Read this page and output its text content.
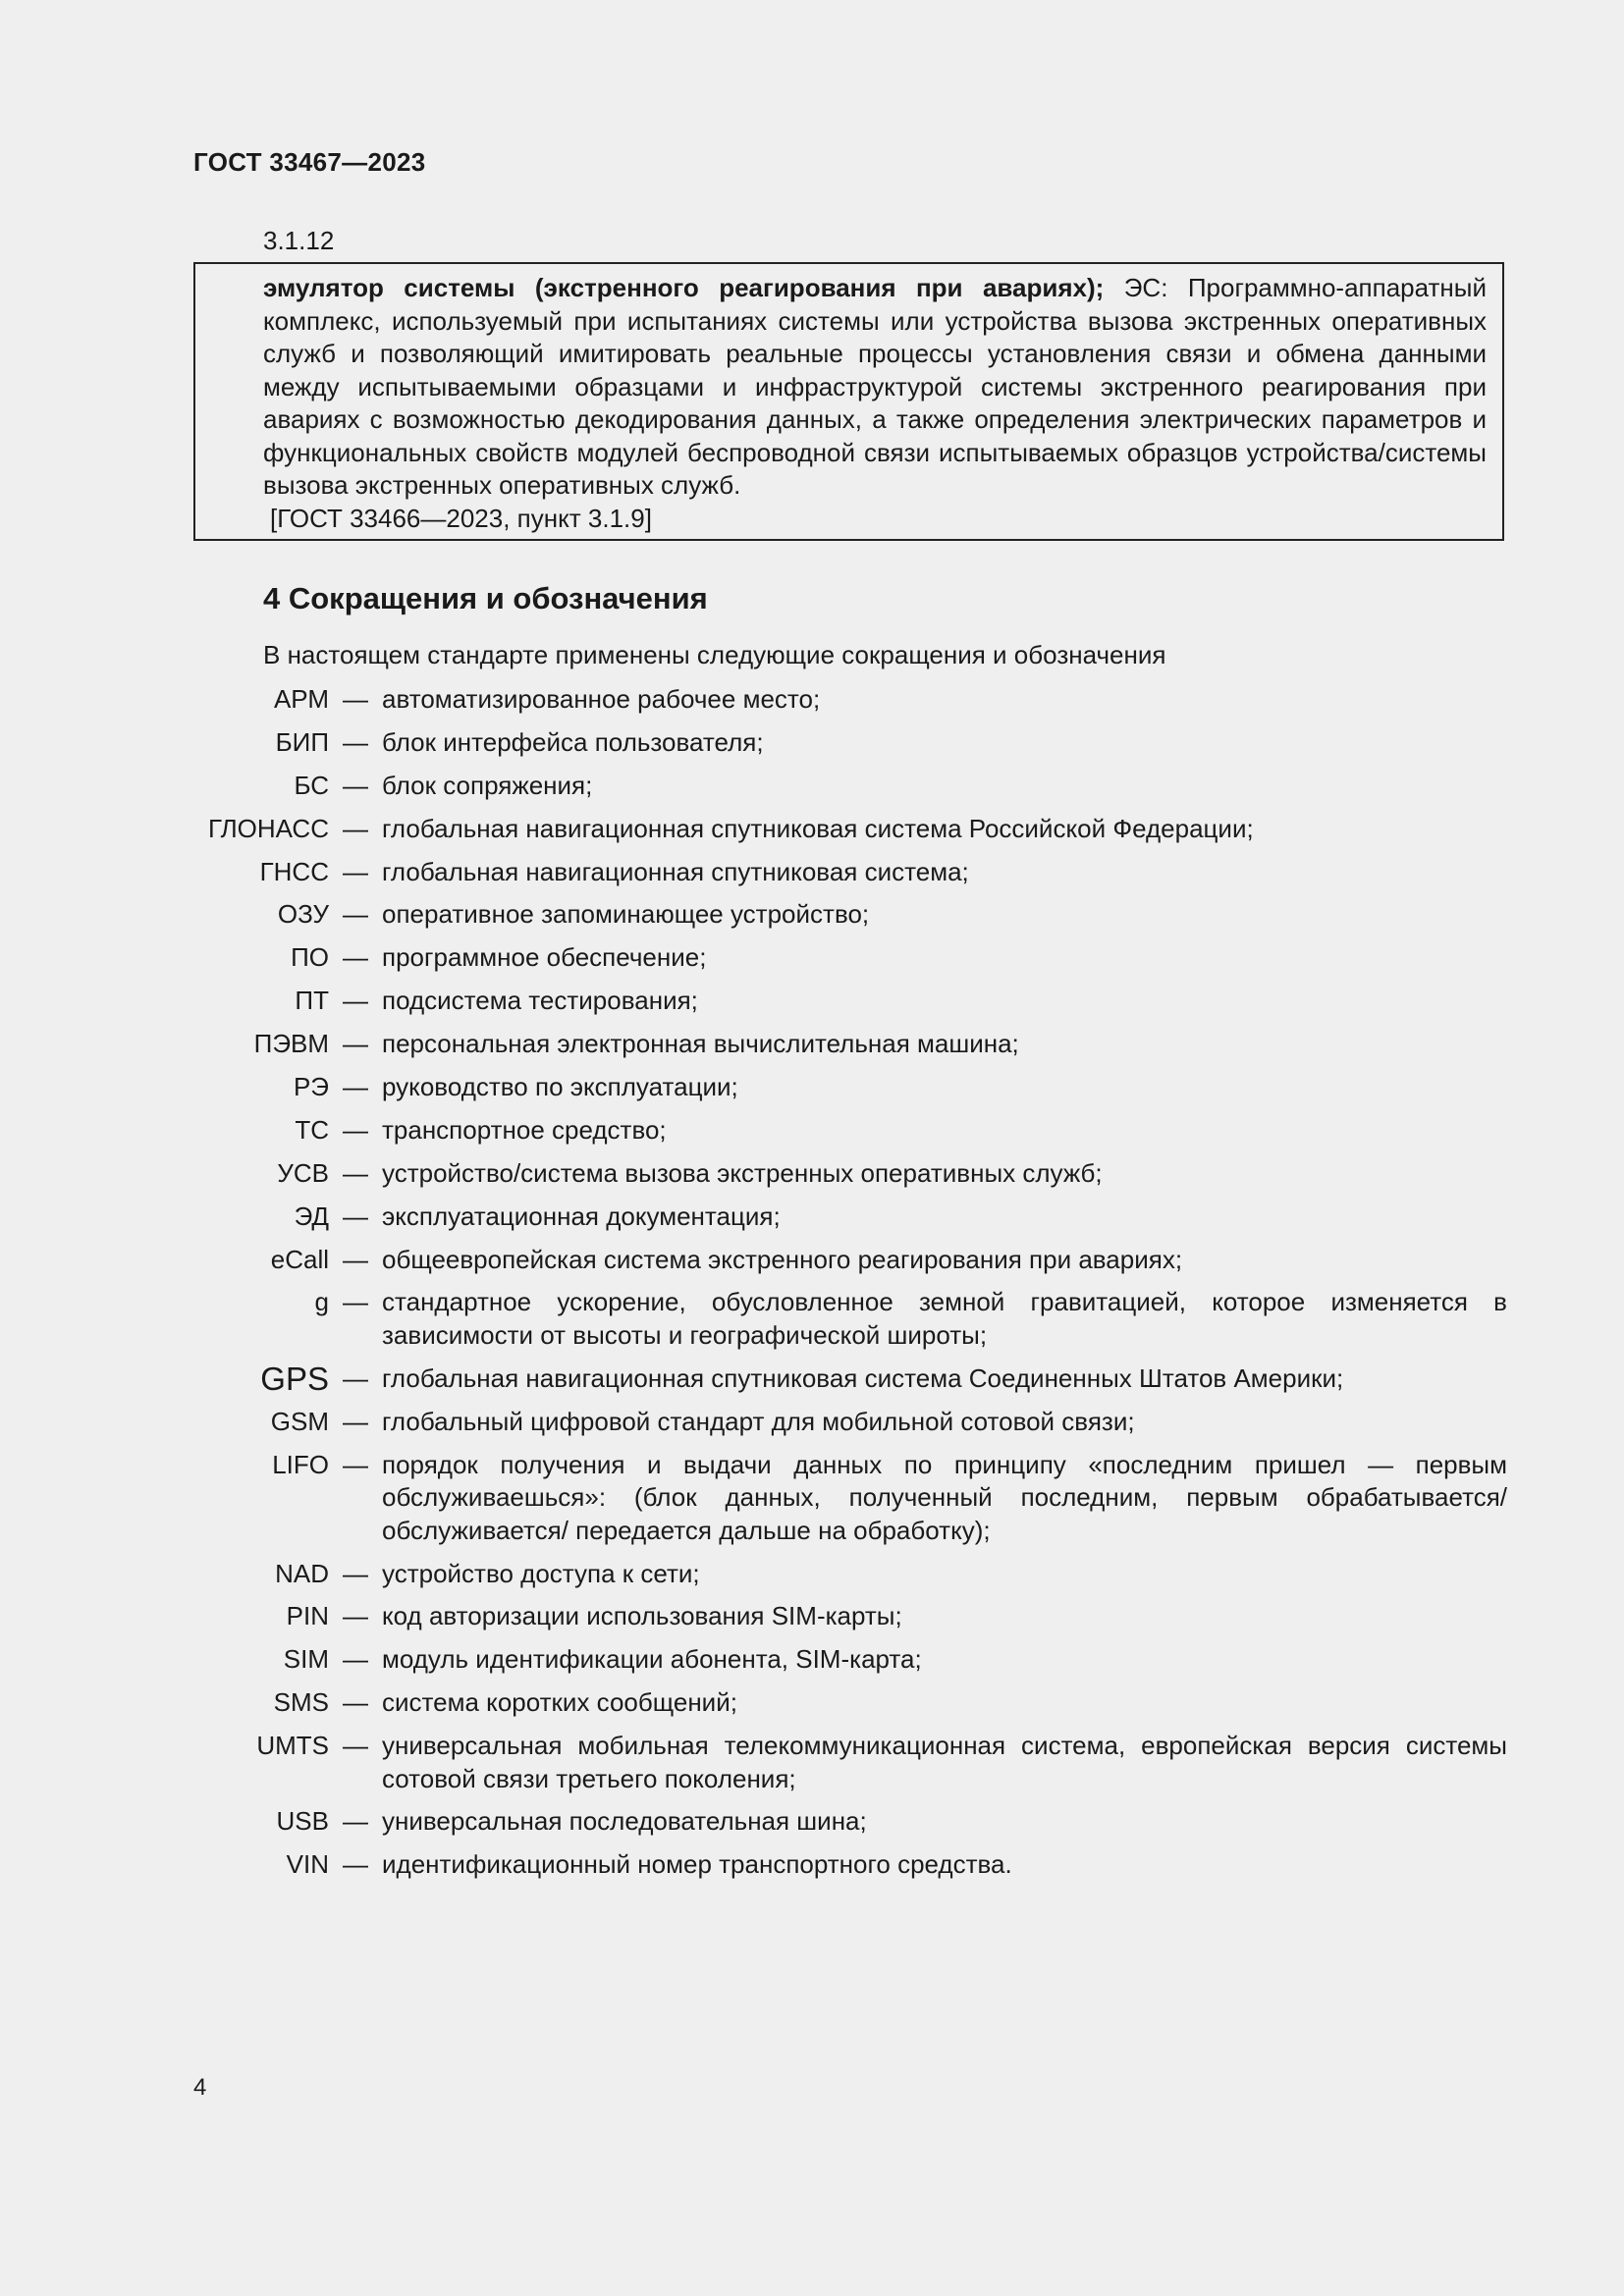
ГОСТ 33467—2023
3.1.12
эмулятор системы (экстренного реагирования при авариях); ЭС: Программно-аппаратный комплекс, используемый при испытаниях системы или устройства вызова экстренных оперативных служб и позволяющий имитировать реальные процессы установления связи и обмена данными между испытываемыми образцами и инфраструктурой системы экстренного реагирования при авариях с возможностью декодирования данных, а также определения электрических параметров и функциональных свойств модулей беспроводной связи испытываемых образцов устройства/системы вызова экстренных оперативных служб.
[ГОСТ 33466—2023, пункт 3.1.9]
4 Сокращения и обозначения
В настоящем стандарте применены следующие сокращения и обозначения
АРМ — автоматизированное рабочее место;
БИП — блок интерфейса пользователя;
БС — блок сопряжения;
ГЛОНАСС — глобальная навигационная спутниковая система Российской Федерации;
ГНСС — глобальная навигационная спутниковая система;
ОЗУ — оперативное запоминающее устройство;
ПО — программное обеспечение;
ПТ — подсистема тестирования;
ПЭВМ — персональная электронная вычислительная машина;
РЭ — руководство по эксплуатации;
ТС — транспортное средство;
УСВ — устройство/система вызова экстренных оперативных служб;
ЭД — эксплуатационная документация;
eCall — общеевропейская система экстренного реагирования при авариях;
g — стандартное ускорение, обусловленное земной гравитацией, которое изменяется в зависимости от высоты и географической широты;
GPS — глобальная навигационная спутниковая система Соединенных Штатов Америки;
GSM — глобальный цифровой стандарт для мобильной сотовой связи;
LIFO — порядок получения и выдачи данных по принципу «последним пришел — первым обслуживаешься»: (блок данных, полученный последним, первым обрабатывается/обслуживается/ передается дальше на обработку);
NAD — устройство доступа к сети;
PIN — код авторизации использования SIM-карты;
SIM — модуль идентификации абонента, SIM-карта;
SMS — система коротких сообщений;
UMTS — универсальная мобильная телекоммуникационная система, европейская версия системы сотовой связи третьего поколения;
USB — универсальная последовательная шина;
VIN — идентификационный номер транспортного средства.
4
